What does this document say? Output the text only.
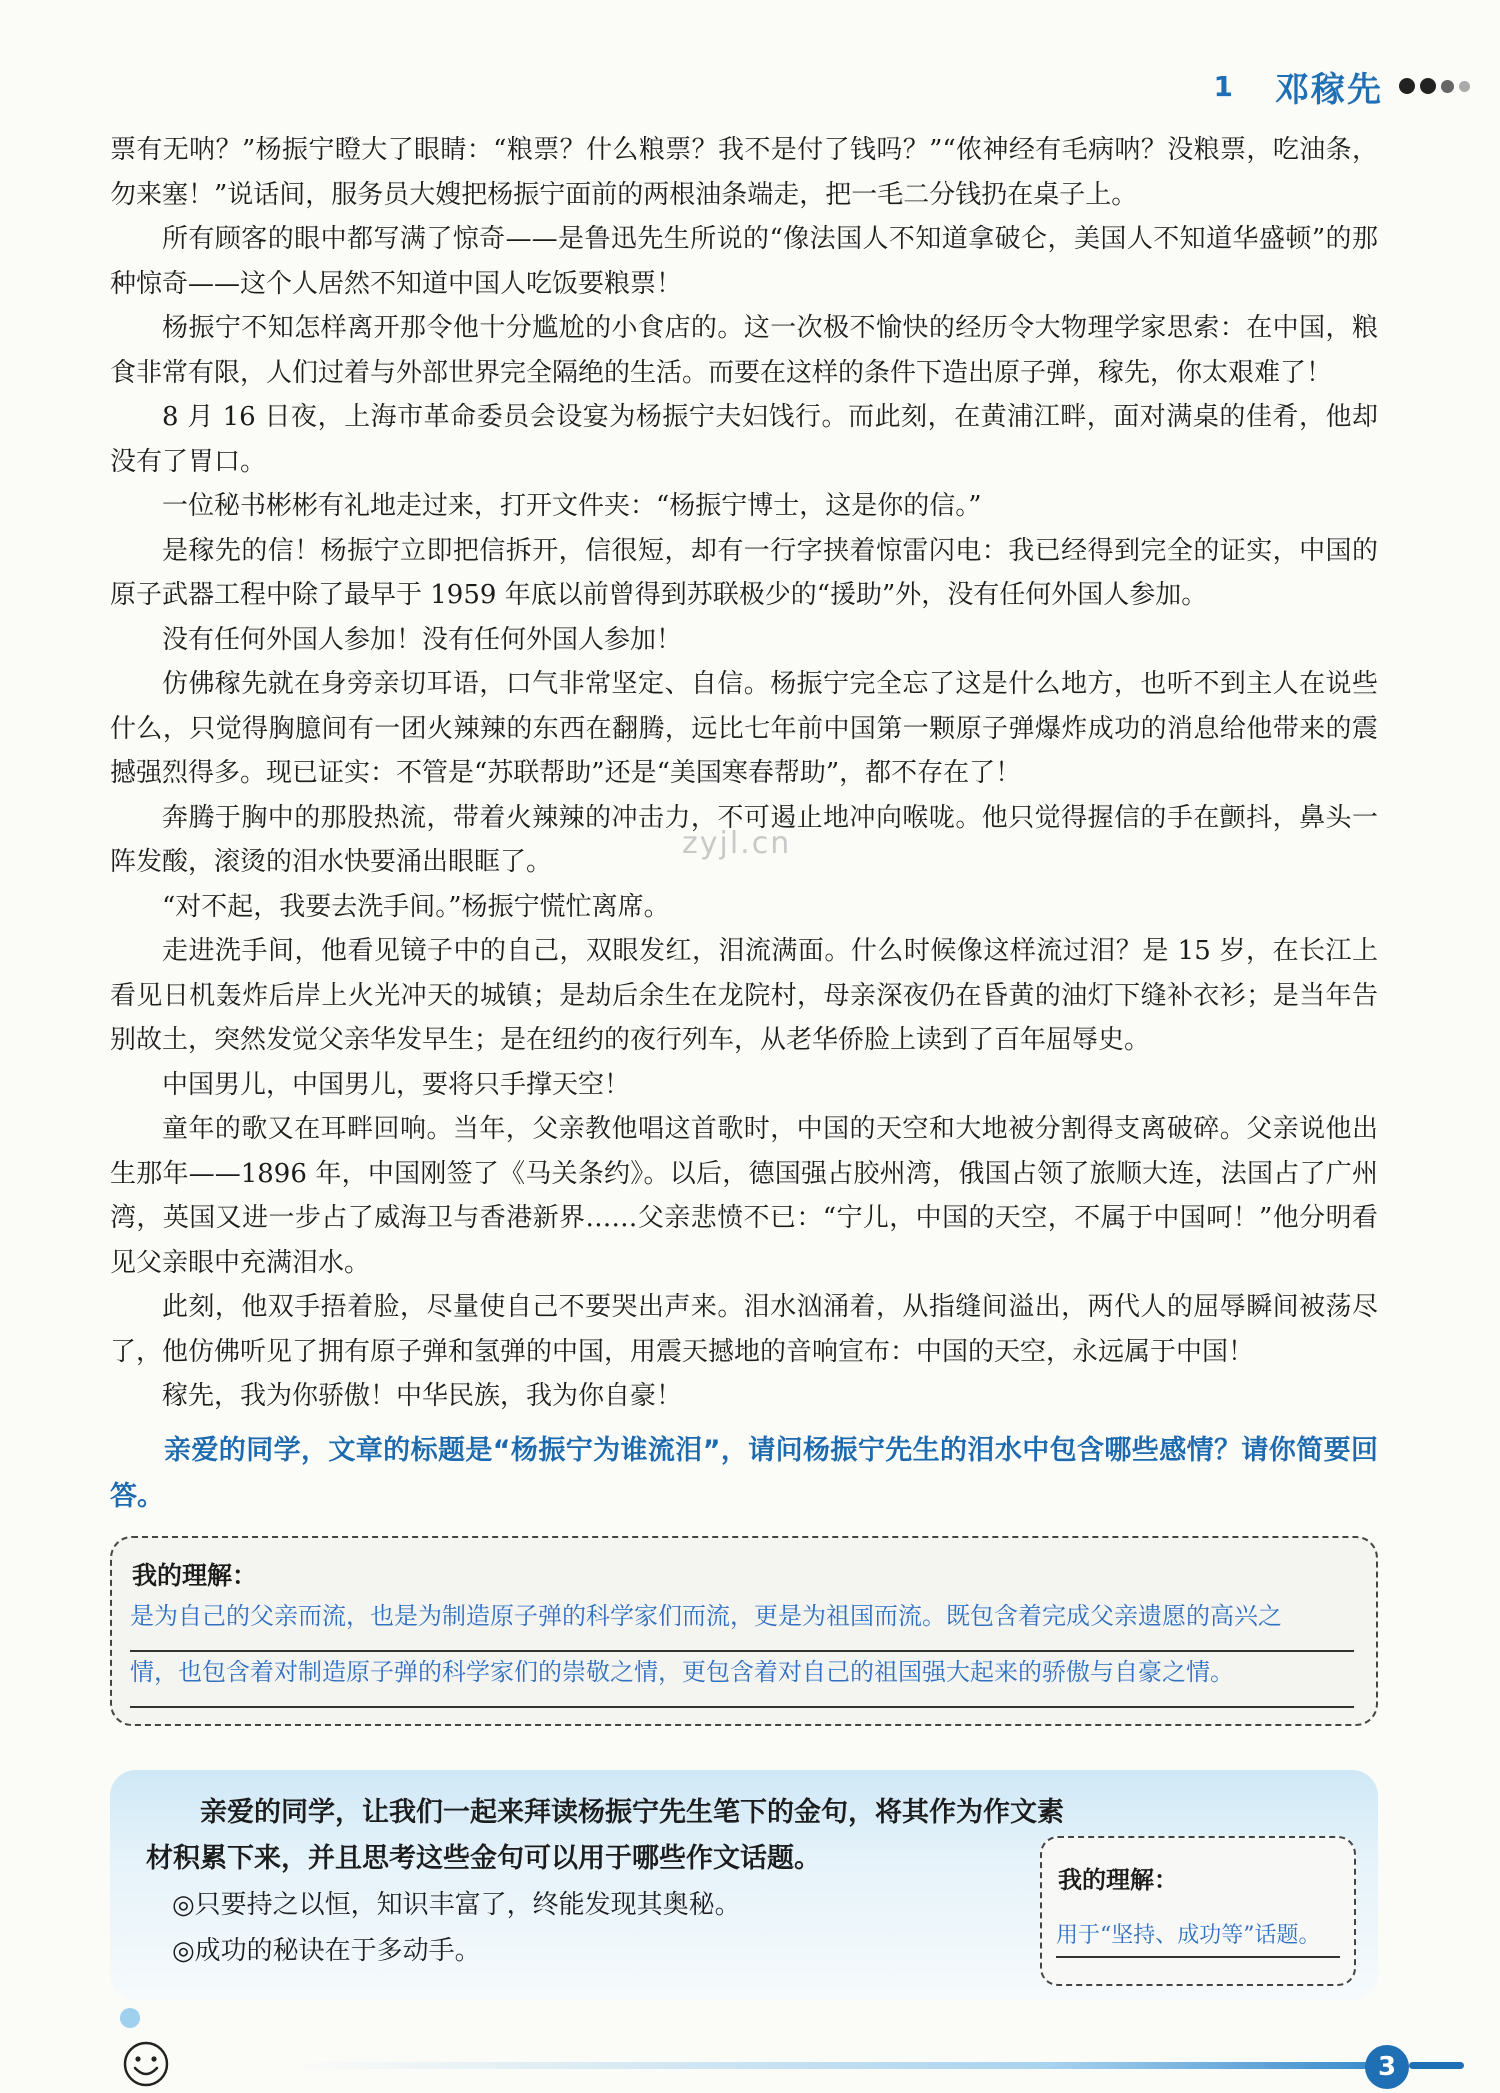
1 邓稼先

票有无呐？”杨振宁瞪大了眼睛：“粮票？什么粮票？我不是付了钱吗？”“侬神经有毛病呐？没粮票，吃油条，勿来塞！”说话间，服务员大嫂把杨振宁面前的两根油条端走，把一毛二分钱扔在桌子上。

所有顾客的眼中都写满了惊奇——是鲁迅先生所说的“像法国人不知道拿破仑，美国人不知道华盛顿”的那种惊奇——这个人居然不知道中国人吃饭要粮票！

杨振宁不知怎样离开那令他十分尴尬的小食店的。这一次极不愉快的经历令大物理学家思索：在中国，粮食非常有限，人们过着与外部世界完全隔绝的生活。而要在这样的条件下造出原子弹，稼先，你太艰难了！

8 月 16 日夜，上海市革命委员会设宴为杨振宁夫妇饯行。而此刻，在黄浦江畔，面对满桌的佳肴，他却没有了胃口。

一位秘书彬彬有礼地走过来，打开文件夹：“杨振宁博士，这是你的信。”

是稼先的信！杨振宁立即把信拆开，信很短，却有一行字挟着惊雷闪电：我已经得到完全的证实，中国的原子武器工程中除了最早于 1959 年底以前曾得到苏联极少的“援助”外，没有任何外国人参加。

没有任何外国人参加！没有任何外国人参加！

仿佛稼先就在身旁亲切耳语，口气非常坚定、自信。杨振宁完全忘了这是什么地方，也听不到主人在说些什么，只觉得胸臆间有一团火辣辣的东西在翻腾，远比七年前中国第一颗原子弹爆炸成功的消息给他带来的震撼强烈得多。现已证实：不管是“苏联帮助”还是“美国寒春帮助”，都不存在了！

奔腾于胸中的那股热流，带着火辣辣的冲击力，不可遏止地冲向喉咙。他只觉得握信的手在颤抖，鼻头一阵发酸，滚烫的泪水快要涌出眼眶了。

“对不起，我要去洗手间。”杨振宁慌忙离席。

走进洗手间，他看见镜子中的自己，双眼发红，泪流满面。什么时候像这样流过泪？是 15 岁，在长江上看见日机轰炸后岸上火光冲天的城镇；是劫后余生在龙院村，母亲深夜仍在昏黄的油灯下缝补衣衫；是当年告别故土，突然发觉父亲华发早生；是在纽约的夜行列车，从老华侨脸上读到了百年屈辱史。

中国男儿，中国男儿，要将只手撑天空！

童年的歌又在耳畔回响。当年，父亲教他唱这首歌时，中国的天空和大地被分割得支离破碎。父亲说他出生那年——1896 年，中国刚签了《马关条约》。以后，德国强占胶州湾，俄国占领了旅顺大连，法国占了广州湾，英国又进一步占了威海卫与香港新界……父亲悲愤不已：“宁儿，中国的天空，不属于中国呵！”他分明看见父亲眼中充满泪水。

此刻，他双手捂着脸，尽量使自己不要哭出声来。泪水汹涌着，从指缝间溢出，两代人的屈辱瞬间被荡尽了，他仿佛听见了拥有原子弹和氢弹的中国，用震天撼地的音响宣布：中国的天空，永远属于中国！

稼先，我为你骄傲！中华民族，我为你自豪！

zyjl.cn
亲爱的同学，文章的标题是“杨振宁为谁流泪”，请问杨振宁先生的泪水中包含哪些感情？请你简要回答。
我的理解：
是为自己的父亲而流，也是为制造原子弹的科学家们而流，更是为祖国而流。既包含着完成父亲遗愿的高兴之
情，也包含着对制造原子弹的科学家们的崇敬之情，更包含着对自己的祖国强大起来的骄傲与自豪之情。
亲爱的同学，让我们一起来拜读杨振宁先生笔下的金句，将其作为作文素材积累下来，并且思考这些金句可以用于哪些作文话题。
◎只要持之以恒，知识丰富了，终能发现其奥秘。
◎成功的秘诀在于多动手。
我的理解：
用于“坚持、成功等”话题。
3
